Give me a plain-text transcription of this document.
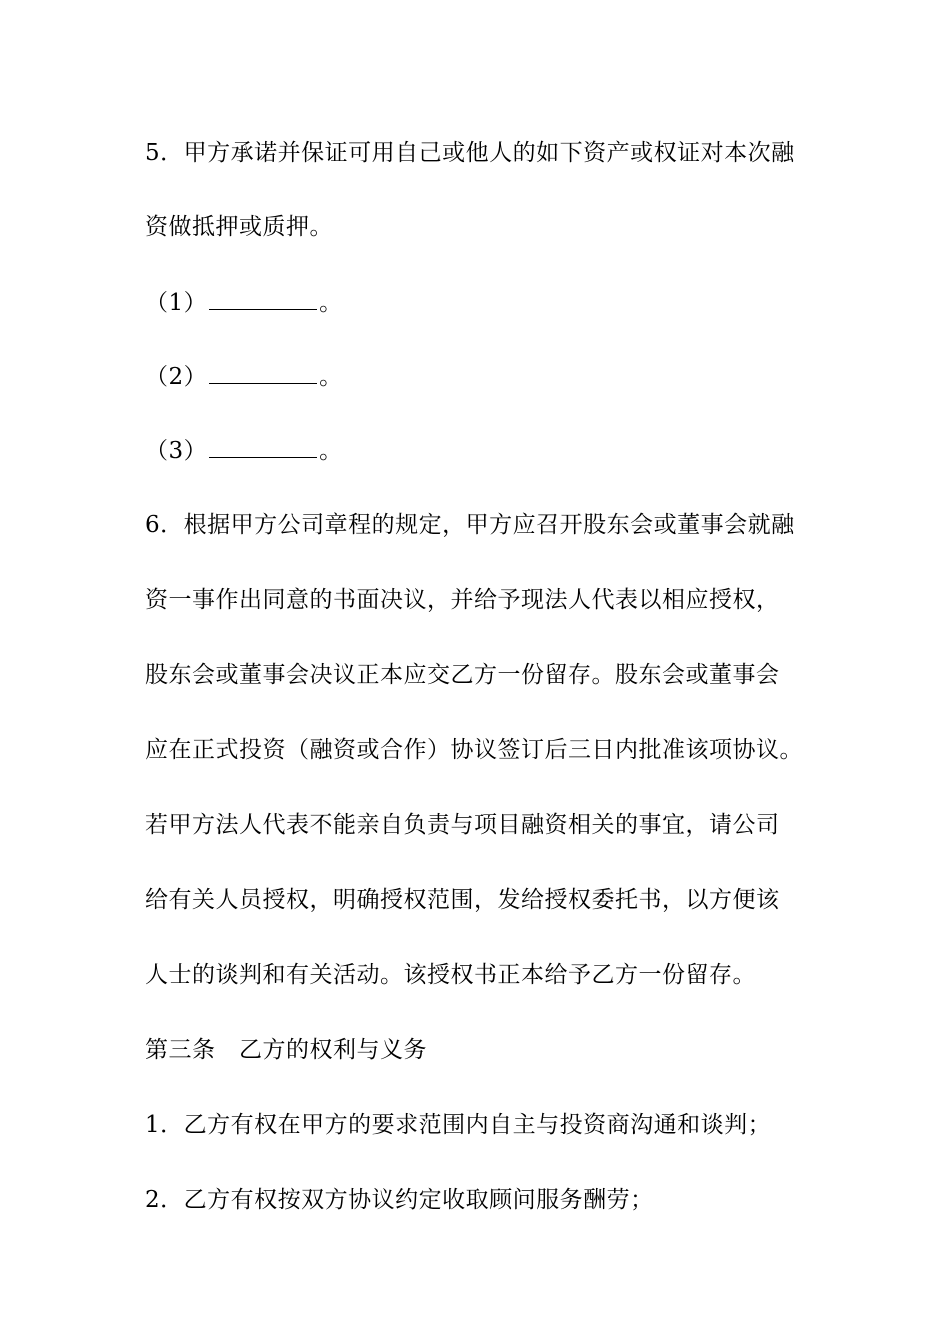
5．甲方承诺并保证可用自己或他人的如下资产或权证对本次融

资做抵押或质押。

（1）	。

（2）	。

（3）	。

6．根据甲方公司章程的规定，甲方应召开股东会或董事会就融

资一事作出同意的书面决议，并给予现法人代表以相应授权，

股东会或董事会决议正本应交乙方一份留存。股东会或董事会

应在正式投资（融资或合作）协议签订后三日内批准该项协议。

若甲方法人代表不能亲自负责与项目融资相关的事宜，请公司

给有关人员授权，明确授权范围，发给授权委托书，以方便该

人士的谈判和有关活动。该授权书正本给予乙方一份留存。

第三条　乙方的权利与义务

1．乙方有权在甲方的要求范围内自主与投资商沟通和谈判；

2．乙方有权按双方协议约定收取顾问服务酬劳；
